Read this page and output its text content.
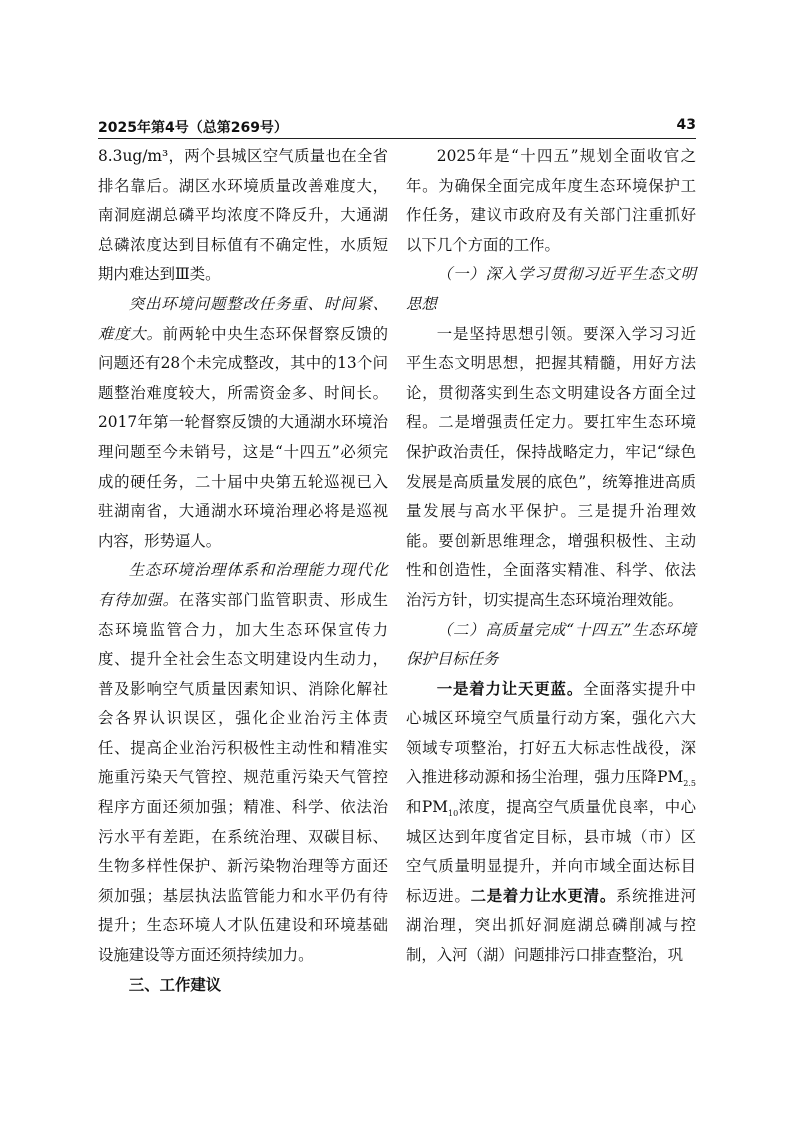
2025年第4号（总第269号）	43

8.3ug/m³，两个县城区空气质量也在全省排名靠后。湖区水环境质量改善难度大，南洞庭湖总磷平均浓度不降反升，大通湖总磷浓度达到目标值有不确定性，水质短期内难达到Ⅲ类。

突出环境问题整改任务重、时间紧、难度大。前两轮中央生态环保督察反馈的问题还有28个未完成整改，其中的13个问题整治难度较大，所需资金多、时间长。2017年第一轮督察反馈的大通湖水环境治理问题至今未销号，这是“十四五”必须完成的硬任务，二十届中央第五轮巡视已入驻湖南省，大通湖水环境治理必将是巡视内容，形势逼人。

生态环境治理体系和治理能力现代化有待加强。在落实部门监管职责、形成生态环境监管合力，加大生态环保宣传力度、提升全社会生态文明建设内生动力，普及影响空气质量因素知识、消除化解社会各界认识误区，强化企业治污主体责任、提高企业治污积极性主动性和精准实施重污染天气管控、规范重污染天气管控程序方面还须加强；精准、科学、依法治污水平有差距，在系统治理、双碳目标、生物多样性保护、新污染物治理等方面还须加强；基层执法监管能力和水平仍有待提升；生态环境人才队伍建设和环境基础设施建设等方面还须持续加力。

三、工作建议

2025年是“十四五”规划全面收官之年。为确保全面完成年度生态环境保护工作任务，建议市政府及有关部门注重抓好以下几个方面的工作。

（一）深入学习贯彻习近平生态文明思想

一是坚持思想引领。要深入学习习近平生态文明思想，把握其精髓，用好方法论，贯彻落实到生态文明建设各方面全过程。二是增强责任定力。要扛牢生态环境保护政治责任，保持战略定力，牢记“绿色发展是高质量发展的底色”，统筹推进高质量发展与高水平保护。三是提升治理效能。要创新思维理念，增强积极性、主动性和创造性，全面落实精准、科学、依法治污方针，切实提高生态环境治理效能。

（二）高质量完成“十四五”生态环境保护目标任务

一是着力让天更蓝。全面落实提升中心城区环境空气质量行动方案，强化六大领域专项整治，打好五大标志性战役，深入推进移动源和扬尘治理，强力压降$PM_{2.5}$和$PM_{10}$浓度，提高空气质量优良率，中心城区达到年度省定目标，县市城（市）区空气质量明显提升，并向市域全面达标目标迈进。二是着力让水更清。系统推进河湖治理，突出抓好洞庭湖总磷削减与控制，入河（湖）问题排污口排查整治，巩
